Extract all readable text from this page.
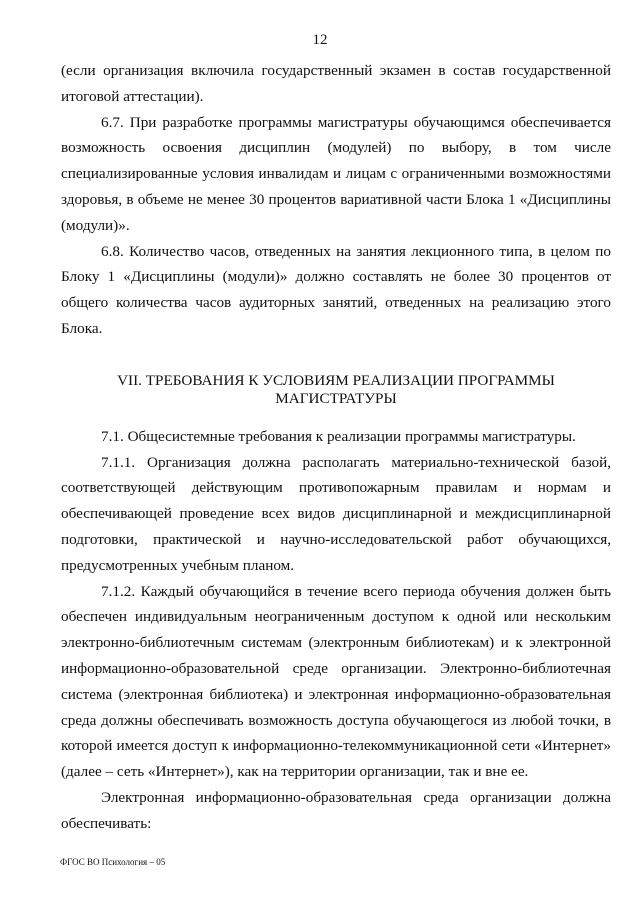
12

(если организация включила государственный экзамен в состав государственной итоговой аттестации).

6.7. При разработке программы магистратуры обучающимся обеспечивается возможность освоения дисциплин (модулей) по выбору, в том числе специализированные условия инвалидам и лицам с ограниченными возможностями здоровья, в объеме не менее 30 процентов вариативной части Блока 1 «Дисциплины (модули)».

6.8. Количество часов, отведенных на занятия лекционного типа, в целом по Блоку 1 «Дисциплины (модули)» должно составлять не более 30 процентов от общего количества часов аудиторных занятий, отведенных на реализацию этого Блока.

VII. ТРЕБОВАНИЯ К УСЛОВИЯМ РЕАЛИЗАЦИИ ПРОГРАММЫ
МАГИСТРАТУРЫ

7.1. Общесистемные требования к реализации программы магистратуры.

7.1.1. Организация должна располагать материально-технической базой, соответствующей действующим противопожарным правилам и нормам и обеспечивающей проведение всех видов дисциплинарной и междисциплинарной подготовки, практической и научно-исследовательской работ обучающихся, предусмотренных учебным планом.

7.1.2. Каждый обучающийся в течение всего периода обучения должен быть обеспечен индивидуальным неограниченным доступом к одной или нескольким электронно-библиотечным системам (электронным библиотекам) и к электронной информационно-образовательной среде организации. Электронно-библиотечная система (электронная библиотека) и электронная информационно-образовательная среда должны обеспечивать возможность доступа обучающегося из любой точки, в которой имеется доступ к информационно-телекоммуникационной сети «Интернет» (далее – сеть «Интернет»), как на территории организации, так и вне ее.

Электронная информационно-образовательная среда организации должна обеспечивать:

ФГОС ВО Психология – 05
